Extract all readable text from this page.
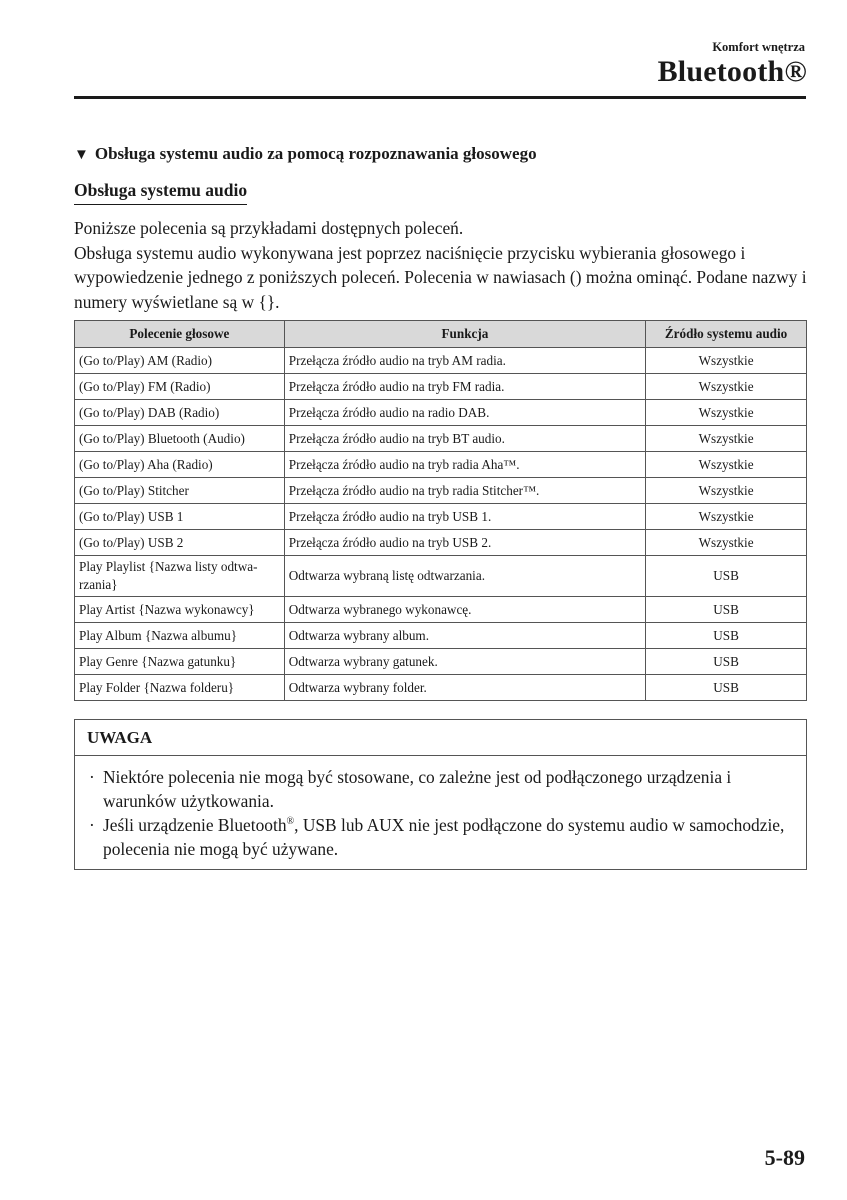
Komfort wnętrza
Bluetooth®
▼ Obsługa systemu audio za pomocą rozpoznawania głosowego
Obsługa systemu audio

Poniższe polecenia są przykładami dostępnych poleceń.

Obsługa systemu audio wykonywana jest poprzez naciśnięcie przycisku wybierania głosowego i wypowiedzenie jednego z poniższych poleceń. Polecenia w nawiasach () można ominąć. Podane nazwy i numery wyświetlane są w {}.

Polecenie głosowe	Funkcja	Źródło systemu audio
(Go to/Play) AM (Radio)	Przełącza źródło audio na tryb AM radia.	Wszystkie
(Go to/Play) FM (Radio)	Przełącza źródło audio na tryb FM radia.	Wszystkie
(Go to/Play) DAB (Radio)	Przełącza źródło audio na radio DAB.	Wszystkie
(Go to/Play) Bluetooth (Audio)	Przełącza źródło audio na tryb BT audio.	Wszystkie
(Go to/Play) Aha (Radio)	Przełącza źródło audio na tryb radia Aha™.	Wszystkie
(Go to/Play) Stitcher	Przełącza źródło audio na tryb radia Stitcher™.	Wszystkie
(Go to/Play) USB 1	Przełącza źródło audio na tryb USB 1.	Wszystkie
(Go to/Play) USB 2	Przełącza źródło audio na tryb USB 2.	Wszystkie
Play Playlist {Nazwa listy odtwa-rzania}	Odtwarza wybraną listę odtwarzania.	USB
Play Artist {Nazwa wykonawcy}	Odtwarza wybranego wykonawcę.	USB
Play Album {Nazwa albumu}	Odtwarza wybrany album.	USB
Play Genre {Nazwa gatunku}	Odtwarza wybrany gatunek.	USB
Play Folder {Nazwa folderu}	Odtwarza wybrany folder.	USB
UWAGA
· Niektóre polecenia nie mogą być stosowane, co zależne jest od podłączonego urządzenia i warunków użytkowania.
· Jeśli urządzenie Bluetooth®, USB lub AUX nie jest podłączone do systemu audio w samochodzie, polecenia nie mogą być używane.
5-89
